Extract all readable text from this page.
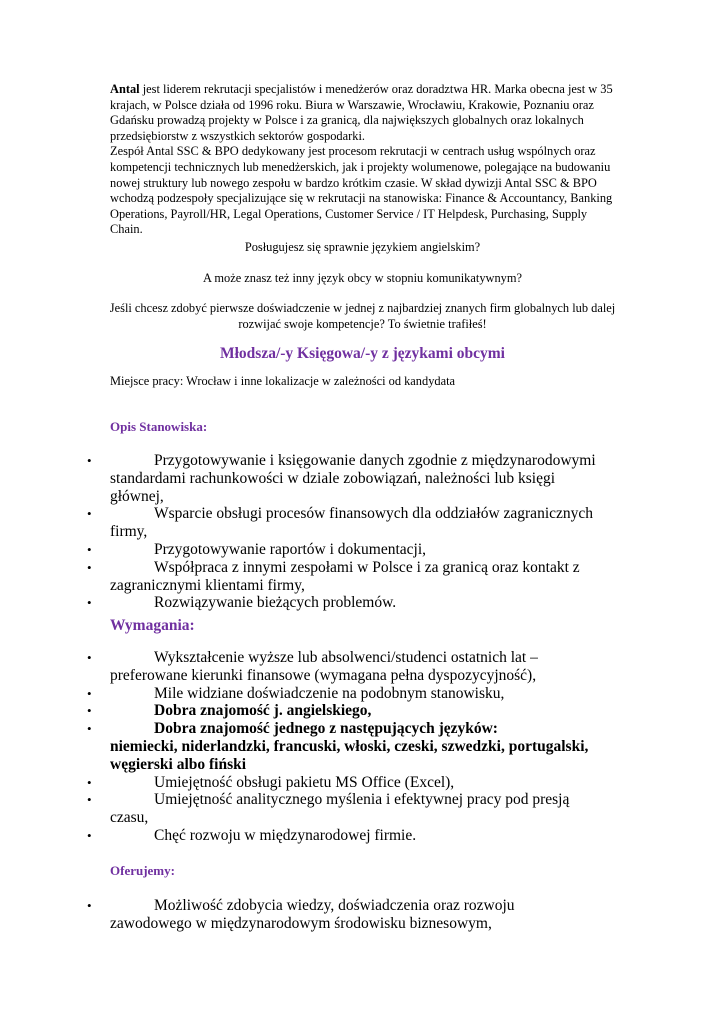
Antal jest liderem rekrutacji specjalistów i menedżerów oraz doradztwa HR. Marka obecna jest w 35 krajach, w Polsce działa od 1996 roku. Biura w Warszawie, Wrocławiu, Krakowie, Poznaniu oraz Gdańsku prowadzą projekty w Polsce i za granicą, dla największych globalnych oraz lokalnych przedsiębiorstw z wszystkich sektorów gospodarki.

Zespół Antal SSC & BPO dedykowany jest procesom rekrutacji w centrach usług wspólnych oraz kompetencji technicznych lub menedżerskich, jak i projekty wolumenowe, polegające na budowaniu nowej struktury lub nowego zespołu w bardzo krótkim czasie. W skład dywizji Antal SSC & BPO wchodzą podzespoły specjalizujące się w rekrutacji na stanowiska: Finance & Accountancy, Banking Operations, Payroll/HR, Legal Operations, Customer Service / IT Helpdesk, Purchasing, Supply Chain.

Posługujesz się sprawnie językiem angielskim?
A może znasz też inny język obcy w stopniu komunikatywnym?
Jeśli chcesz zdobyć pierwsze doświadczenie w jednej z najbardziej znanych firm globalnych lub dalej
rozwijać swoje kompetencje? To świetnie trafiłeś!
Młodsza/-y Księgowa/-y z językami obcymi
Miejsce pracy: Wrocław i inne lokalizacje w zależności od kandydata
Opis Stanowiska:
•	Przygotowywanie i księgowanie danych zgodnie z międzynarodowymi standardami rachunkowości w dziale zobowiązań, należności lub księgi głównej,
•	Wsparcie obsługi procesów finansowych dla oddziałów zagranicznych firmy,
•	Przygotowywanie raportów i dokumentacji,
•	Współpraca z innymi zespołami w Polsce i za granicą oraz kontakt z zagranicznymi klientami firmy,
•	Rozwiązywanie bieżących problemów.
Wymagania:
•	Wykształcenie wyższe lub absolwenci/studenci ostatnich lat – preferowane kierunki finansowe (wymagana pełna dyspozycyjność),
•	Mile widziane doświadczenie na podobnym stanowisku,
•	Dobra znajomość j. angielskiego,
•	Dobra znajomość jednego z następujących języków:
niemiecki, niderlandzki, francuski, włoski, czeski, szwedzki, portugalski, węgierski albo fiński
•	Umiejętność obsługi pakietu MS Office (Excel),
•	Umiejętność analitycznego myślenia i efektywnej pracy pod presją czasu,
•	Chęć rozwoju w międzynarodowej firmie.
Oferujemy:
•	Możliwość zdobycia wiedzy, doświadczenia oraz rozwoju zawodowego w międzynarodowym środowisku biznesowym,
